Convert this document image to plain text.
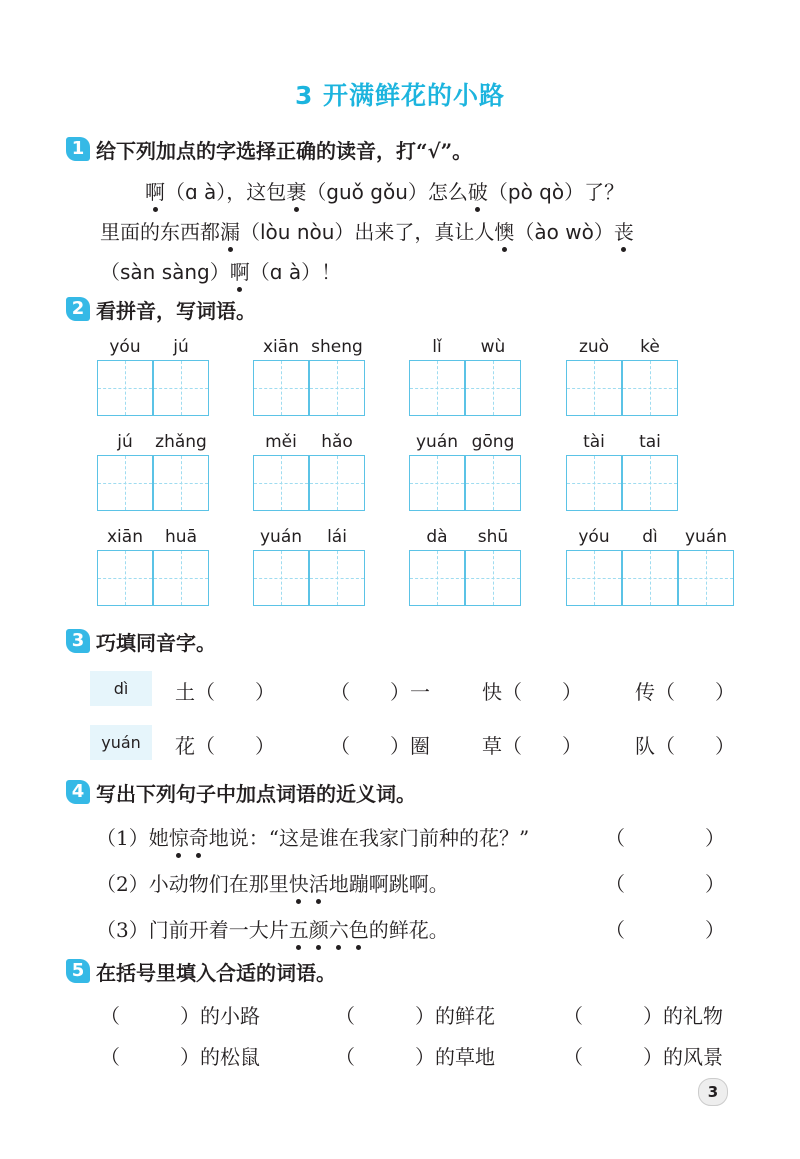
3 开满鲜花的小路
1 给下列加点的字选择正确的读音，打“√”。
啊（ɑ à），这包裹（guǒ gǒu）怎么破（pò qò）了？
里面的东西都漏（lòu nòu）出来了，真让人懊（ào wò）丧
（sàn sàng）啊（ɑ à）！
2 看拼音，写词语。
yóu	jú	xiān sheng	lǐ	wù	zuò	kè
jú	zhǎng	měi	hǎo	yuán gōng	tài	tai
xiān	huā	yuán	lái	dà	shū	yóu	dì	yuán
3 巧填同音字。
dì	土（　　）	（　　）一	快（　　）	传（　　）
yuán	花（　　）	（　　）圈	草（　　）	队（　　）
4 写出下列句子中加点词语的近义词。
（1）她惊奇地说：“这是谁在我家门前种的花？”	（　　　　）
（2）小动物们在那里快活地蹦啊跳啊。	（　　　　）
（3）门前开着一大片五颜六色的鲜花。	（　　　　）
5 在括号里填入合适的词语。
（　　　）的小路	（　　　）的鲜花	（　　　）的礼物
（　　　）的松鼠	（　　　）的草地	（　　　）的风景
3
